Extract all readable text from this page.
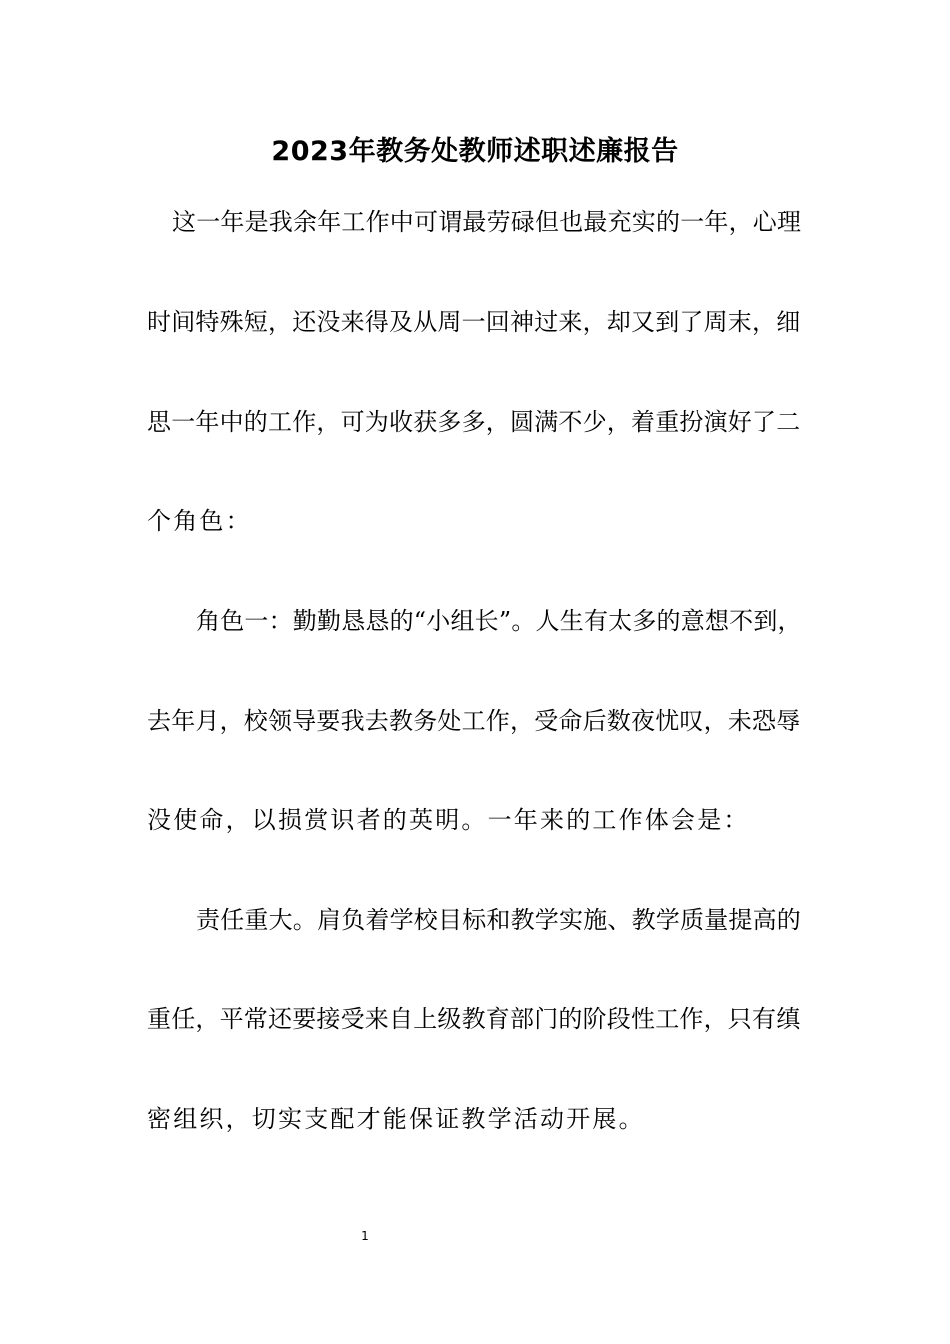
2023年教务处教师述职述廉报告
这一年是我余年工作中可谓最劳碌但也最充实的一年，心理
时间特殊短，还没来得及从周一回神过来，却又到了周末，细
思一年中的工作，可为收获多多，圆满不少，着重扮演好了二
个角色：
角色一：勤勤恳恳的“小组长”。人生有太多的意想不到，
去年月，校领导要我去教务处工作，受命后数夜忧叹，未恐辱
没使命，以损赏识者的英明。一年来的工作体会是：
责任重大。肩负着学校目标和教学实施、教学质量提高的
重任，平常还要接受来自上级教育部门的阶段性工作，只有缜
密组织，切实支配才能保证教学活动开展。
1
